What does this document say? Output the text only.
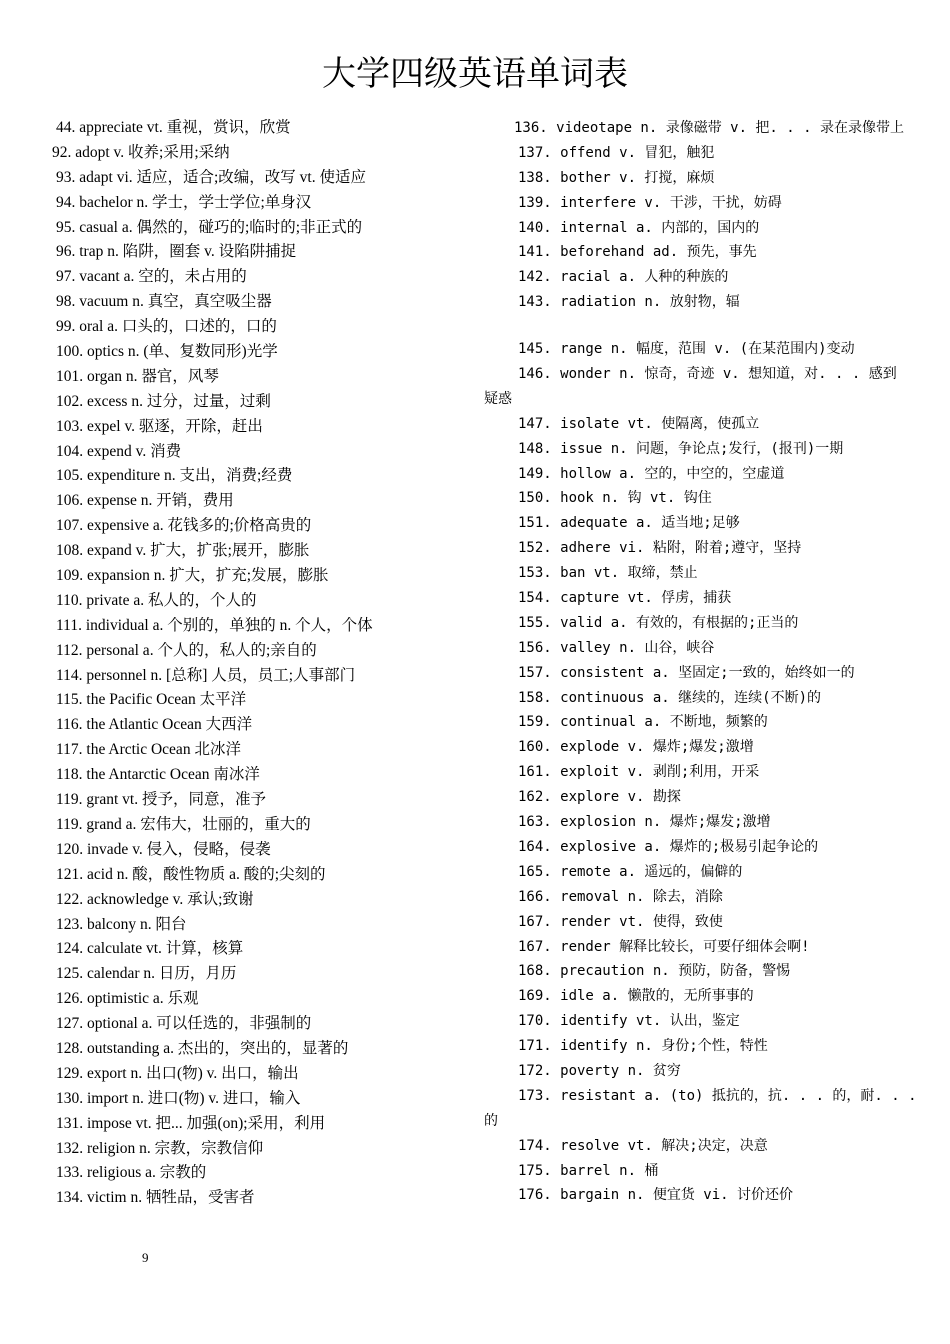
大学四级英语单词表
44. appreciate vt. 重视，赏识，欣赏
92. adopt v. 收养;采用;采纳
93. adapt vi. 适应，适合;改编，改写 vt. 使适应
94. bachelor n. 学士，学士学位;单身汉
95. casual a. 偶然的，碰巧的;临时的;非正式的
96. trap n. 陷阱，圈套 v. 设陷阱捕捉
97. vacant a. 空的，未占用的
98. vacuum n. 真空，真空吸尘器
99. oral a. 口头的，口述的，口的
100. optics n. (单、复数同形)光学
101. organ n. 器官，风琴
102. excess n. 过分，过量，过剩
103. expel v. 驱逐，开除，赶出
104. expend v. 消费
105. expenditure n. 支出，消费;经费
106. expense n. 开销，费用
107. expensive a. 花钱多的;价格高贵的
108. expand v. 扩大，扩张;展开，膨胀
109. expansion n. 扩大，扩充;发展，膨胀
110. private a. 私人的，个人的
111. individual a. 个别的，单独的 n. 个人，个体
112. personal a. 个人的，私人的;亲自的
114. personnel n. [总称] 人员，员工;人事部门
115. the Pacific Ocean 太平洋
116. the Atlantic Ocean 大西洋
117. the Arctic Ocean 北冰洋
118. the Antarctic Ocean 南冰洋
119. grant vt. 授予，同意，准予
119. grand a. 宏伟大，壮丽的，重大的
120. invade v. 侵入，侵略，侵袭
121. acid n. 酸，酸性物质 a. 酸的;尖刻的
122. acknowledge v. 承认;致谢
123. balcony n. 阳台
124. calculate vt. 计算，核算
125. calendar n. 日历，月历
126. optimistic a. 乐观
127. optional a. 可以任选的，非强制的
128. outstanding a. 杰出的，突出的，显著的
129. export n. 出口(物) v. 出口，输出
130. import n. 进口(物) v. 进口，输入
131. impose vt. 把... 加强(on);采用，利用
132. religion n. 宗教，宗教信仰
133. religious a. 宗教的
134. victim n. 牺牲品，受害者
136. videotape n. 录像磁带 v. 把. . . 录在录像带上
137. offend v. 冒犯，触犯
138. bother v. 打搅，麻烦
139. interfere v. 干涉，干扰，妨碍
140. internal a. 内部的，国内的
141. beforehand ad. 预先，事先
142. racial a. 人种的种族的
143. radiation n. 放射物，辐
145. range n. 幅度，范围 v. (在某范围内)变动
146. wonder n. 惊奇，奇迹 v. 想知道，对. . . 感到
疑惑
147. isolate vt. 使隔离，使孤立
148. issue n. 问题，争论点;发行，(报刊)一期
149. hollow a. 空的，中空的，空虚道
150. hook n. 钩 vt. 钩住
151. adequate a. 适当地;足够
152. adhere vi. 粘附，附着;遵守，坚持
153. ban vt. 取缔，禁止
154. capture vt. 俘虏，捕获
155. valid a. 有效的，有根据的;正当的
156. valley n. 山谷，峡谷
157. consistent a. 坚固定;一致的，始终如一的
158. continuous a. 继续的，连续(不断)的
159. continual a. 不断地，频繁的
160. explode v. 爆炸;爆发;激增
161. exploit v. 剥削;利用，开采
162. explore v. 勘探
163. explosion n. 爆炸;爆发;激增
164. explosive a. 爆炸的;极易引起争论的
165. remote a. 遥远的，偏僻的
166. removal n. 除去，消除
167. render vt. 使得，致使
167. render 解释比较长，可要仔细体会啊!
168. precaution n. 预防，防备，警惕
169. idle a. 懒散的，无所事事的
170. identify vt. 认出，鉴定
171. identify n. 身份;个性，特性
172. poverty n. 贫穷
173. resistant a. (to) 抵抗的，抗. . . 的，耐. . .
的
174. resolve vt. 解决;决定，决意
175. barrel n. 桶
176. bargain n. 便宜货 vi. 讨价还价
9
